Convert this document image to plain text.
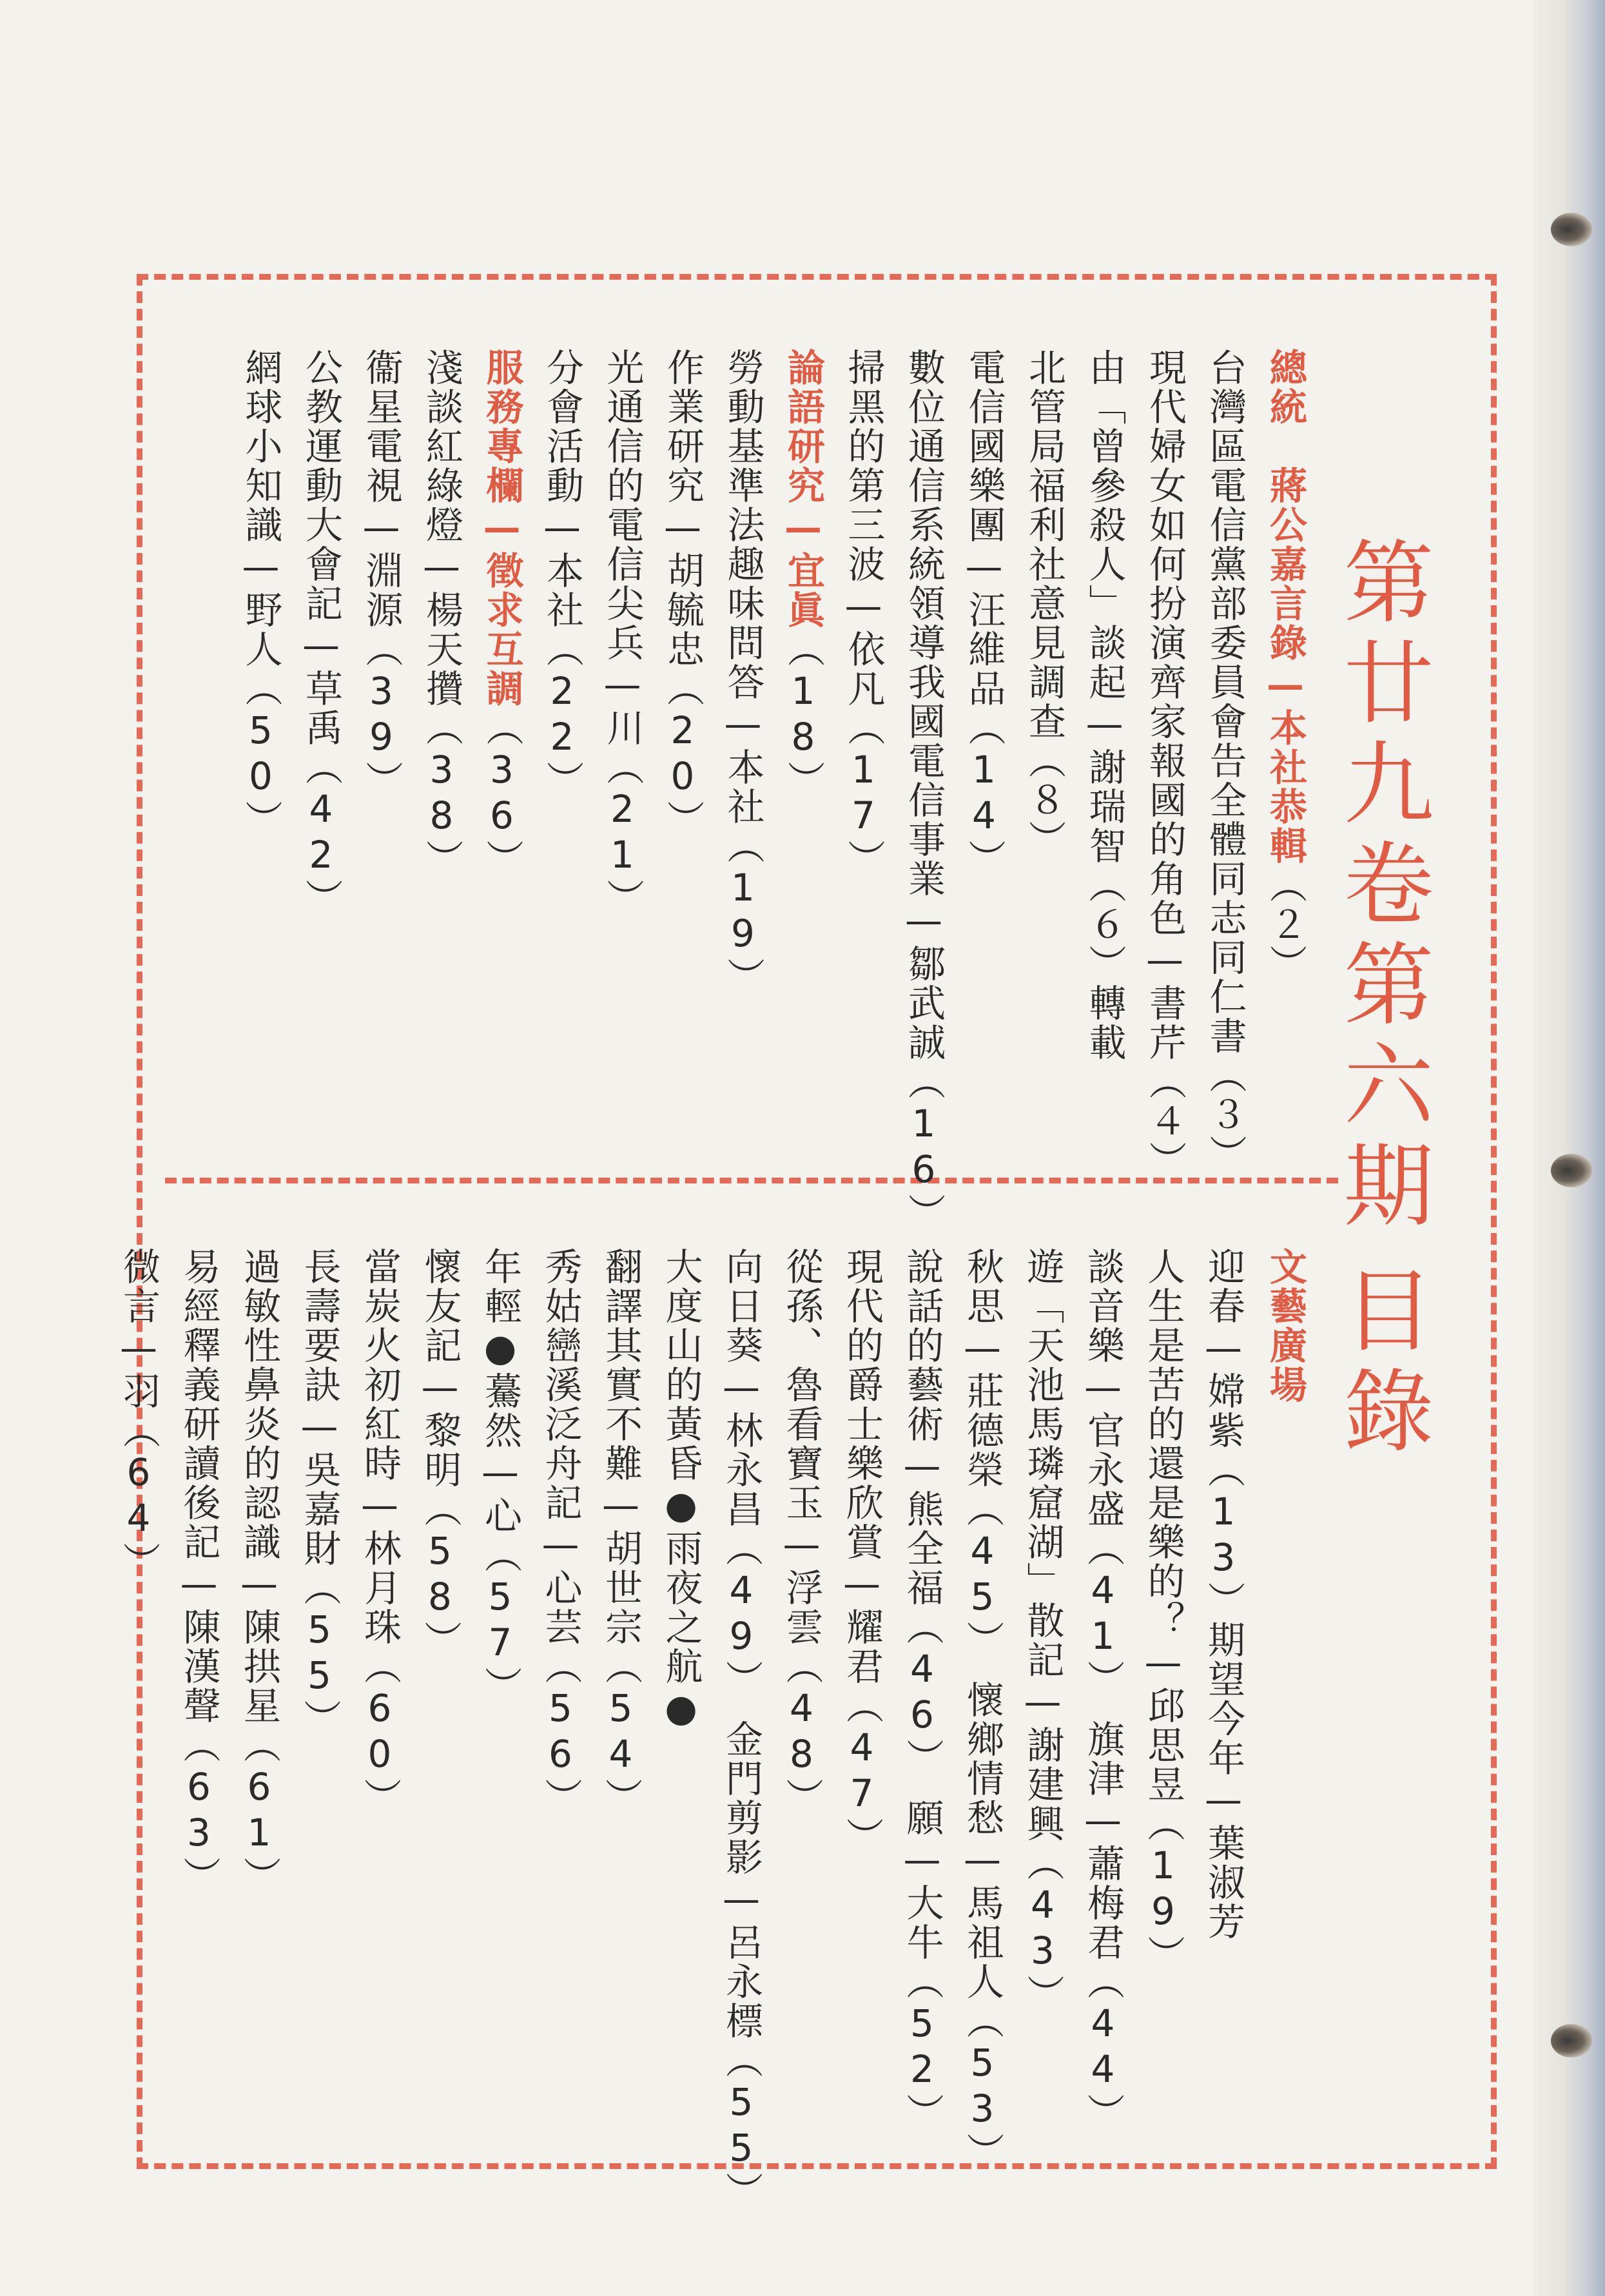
第廿九卷第六期
目錄
總統　蔣公嘉言錄—本社恭輯（２）
台灣區電信黨部委員會告全體同志同仁書（３）
現代婦女如何扮演齊家報國的角色—書芹（４）
由「曾參殺人」談起—謝瑞智（６）轉載
北管局福利社意見調查（８）
電信國樂團—汪維品（14）
數位通信系統領導我國電信事業—鄒武誠（16）
掃黑的第三波—依凡（17）
論語研究—宜眞（18）
勞動基準法趣味問答—本社（19）
作業研究—胡毓忠（20）
光通信的電信尖兵—川（21）
分會活動—本社（22）
服務專欄—徵求互調（36）
淺談紅綠燈—楊天攢（38）
衞星電視—淵源（39）
公教運動大會記—草禹（42）
網球小知識—野人（50）
文藝廣場
迎春—嫦紫（13）期望今年—葉淑芳
人生是苦的還是樂的？—邱思昱（19）
談音樂—官永盛（41）　旗津—蕭梅君（44）
遊「天池馬璘窟湖」散記—謝建興（43）
秋思—莊德榮（45）　懷鄉情愁—馬祖人（53）
說話的藝術—熊全福（46）　願—大牛（52）
現代的爵士樂欣賞—耀君（47）
從孫、魯看寶玉—浮雲（48）
向日葵—林永昌（49）　金門剪影—呂永標（55）
大度山的黃昏●雨夜之航●
翻譯其實不難—胡世宗（54）
秀姑巒溪泛舟記—心芸（56）
年輕●驀然—心（57）
懷友記—黎明（58）
當炭火初紅時—林月珠（60）
長壽要訣—吳嘉財（55）
過敏性鼻炎的認識—陳拱星（61）
易經釋義研讀後記—陳漢聲（63）
微言—羽（64）
